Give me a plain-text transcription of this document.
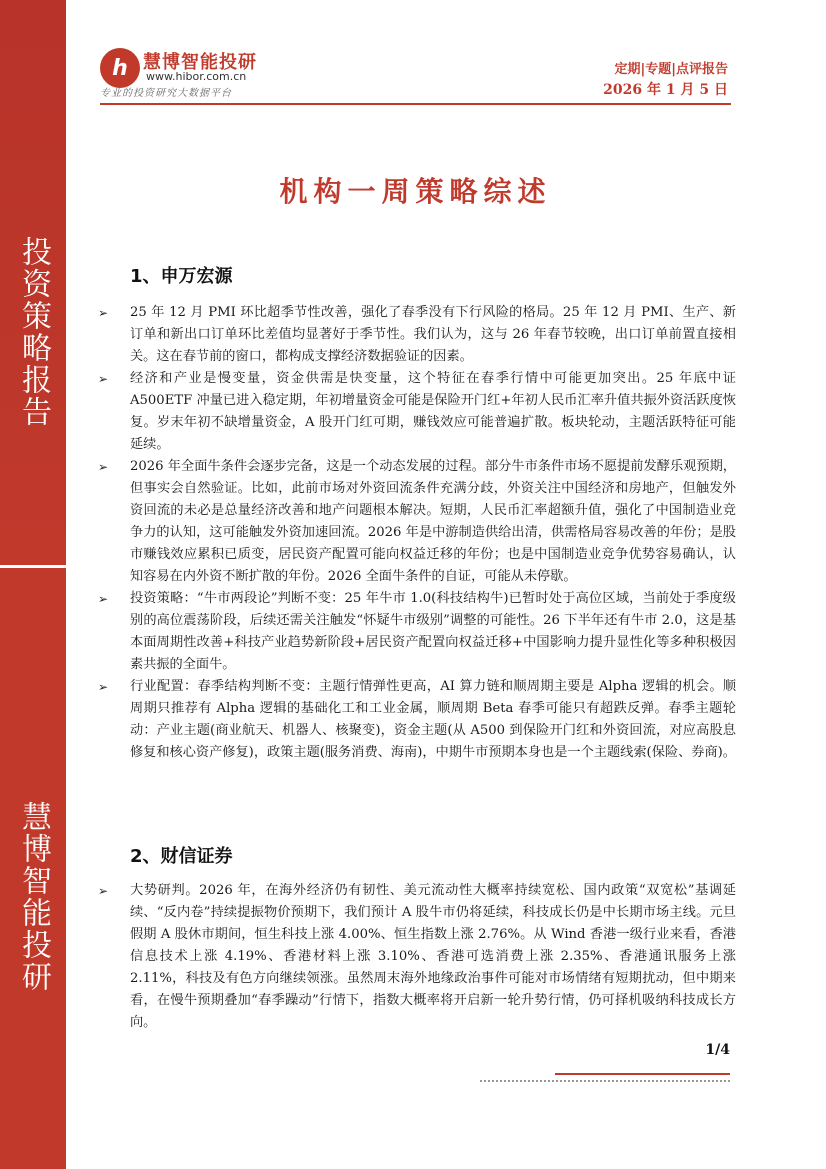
投资策略报告
慧博智能投研
h 慧博智能投研
www.hibor.com.cn
专业的投资研究大数据平台
定期|专题|点评报告
2026 年 1 月 5 日
机构一周策略综述
1、申万宏源
➢ 25 年 12 月 PMI 环比超季节性改善，强化了春季没有下行风险的格局。25 年 12 月 PMI、生产、新订单和新出口订单环比差值均显著好于季节性。我们认为，这与 26 年春节较晚，出口订单前置直接相关。这在春节前的窗口，都构成支撑经济数据验证的因素。
➢ 经济和产业是慢变量，资金供需是快变量，这个特征在春季行情中可能更加突出。25 年底中证 A500ETF 冲量已进入稳定期，年初增量资金可能是保险开门红+年初人民币汇率升值共振外资活跃度恢复。岁末年初不缺增量资金，A 股开门红可期，赚钱效应可能普遍扩散。板块轮动，主题活跃特征可能延续。
➢ 2026 年全面牛条件会逐步完备，这是一个动态发展的过程。部分牛市条件市场不愿提前发酵乐观预期，但事实会自然验证。比如，此前市场对外资回流条件充满分歧，外资关注中国经济和房地产，但触发外资回流的未必是总量经济改善和地产问题根本解决。短期，人民币汇率超额升值，强化了中国制造业竞争力的认知，这可能触发外资加速回流。2026 年是中游制造供给出清，供需格局容易改善的年份；是股市赚钱效应累积已质变，居民资产配置可能向权益迁移的年份；也是中国制造业竞争优势容易确认，认知容易在内外资不断扩散的年份。2026 全面牛条件的自证，可能从未停歇。
➢ 投资策略：“牛市两段论”判断不变：25 年牛市 1.0(科技结构牛)已暂时处于高位区域，当前处于季度级别的高位震荡阶段，后续还需关注触发“怀疑牛市级别”调整的可能性。26 下半年还有牛市 2.0，这是基本面周期性改善+科技产业趋势新阶段+居民资产配置向权益迁移+中国影响力提升显性化等多种积极因素共振的全面牛。
➢ 行业配置：春季结构判断不变：主题行情弹性更高，AI 算力链和顺周期主要是 Alpha 逻辑的机会。顺周期只推荐有 Alpha 逻辑的基础化工和工业金属，顺周期 Beta 春季可能只有超跌反弹。春季主题轮动：产业主题(商业航天、机器人、核聚变)，资金主题(从 A500 到保险开门红和外资回流，对应高股息修复和核心资产修复)，政策主题(服务消费、海南)，中期牛市预期本身也是一个主题线索(保险、券商)。
2、财信证券
➢ 大势研判。2026 年，在海外经济仍有韧性、美元流动性大概率持续宽松、国内政策“双宽松”基调延续、“反内卷”持续提振物价预期下，我们预计 A 股牛市仍将延续，科技成长仍是中长期市场主线。元旦假期 A 股休市期间，恒生科技上涨 4.00%、恒生指数上涨 2.76%。从 Wind 香港一级行业来看，香港信息技术上涨 4.19%、香港材料上涨 3.10%、香港可选消费上涨 2.35%、香港通讯服务上涨 2.11%，科技及有色方向继续领涨。虽然周末海外地缘政治事件可能对市场情绪有短期扰动，但中期来看，在慢牛预期叠加“春季躁动”行情下，指数大概率将开启新一轮升势行情，仍可择机吸纳科技成长方向。
1/4
